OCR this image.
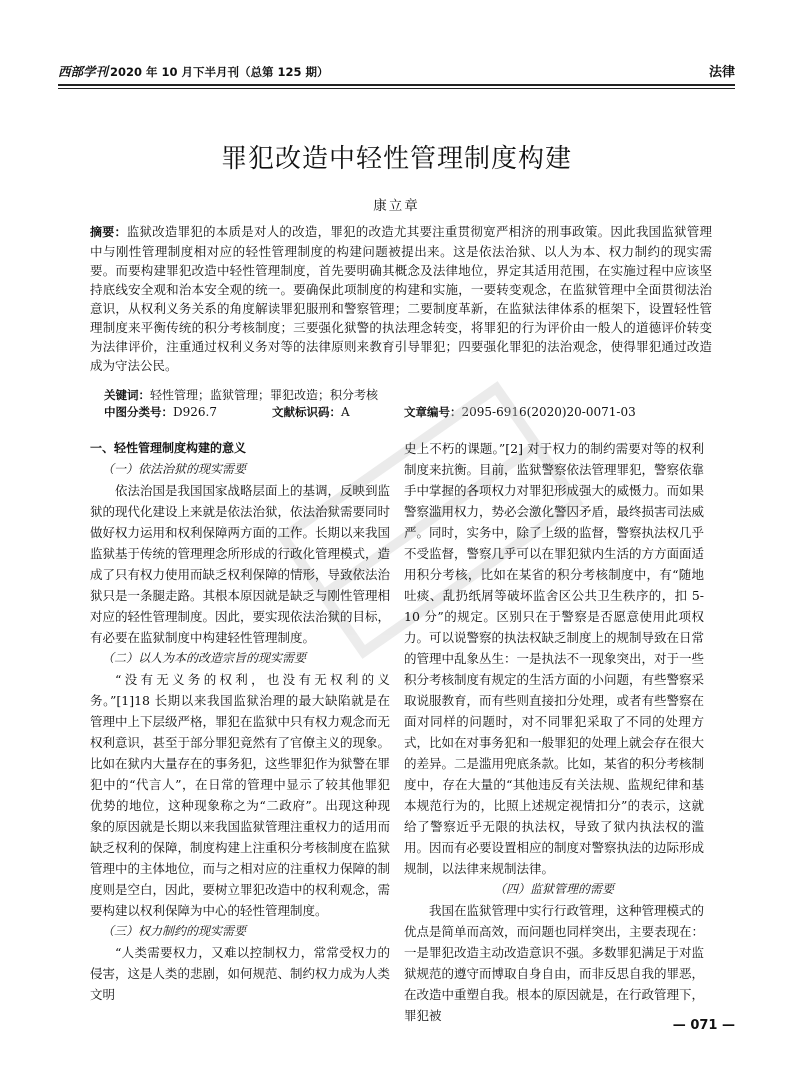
西部学刊 2020 年 10 月下半月刊（总第 125 期）	法律
罪犯改造中轻性管理制度构建
康立章
摘要：监狱改造罪犯的本质是对人的改造，罪犯的改造尤其要注重贯彻宽严相济的刑事政策。因此我国监狱管理中与刚性管理制度相对应的轻性管理制度的构建问题被提出来。这是依法治狱、以人为本、权力制约的现实需要。而要构建罪犯改造中轻性管理制度，首先要明确其概念及法律地位，界定其适用范围，在实施过程中应该坚持底线安全观和治本安全观的统一。要确保此项制度的构建和实施，一要转变观念，在监狱管理中全面贯彻法治意识，从权利义务关系的角度解读罪犯服刑和警察管理；二要制度革新，在监狱法律体系的框架下，设置轻性管理制度来平衡传统的积分考核制度；三要强化狱警的执法理念转变，将罪犯的行为评价由一般人的道德评价转变为法律评价，注重通过权利义务对等的法律原则来教育引导罪犯；四要强化罪犯的法治观念，使得罪犯通过改造成为守法公民。
关键词：轻性管理；监狱管理；罪犯改造；积分考核
中图分类号：D926.7	文献标识码：A	文章编号：2095-6916(2020)20-0071-03

一、轻性管理制度构建的意义

（一）依法治狱的现实需要

依法治国是我国国家战略层面上的基调，反映到监狱的现代化建设上来就是依法治狱，依法治狱需要同时做好权力运用和权利保障两方面的工作。长期以来我国监狱基于传统的管理理念所形成的行政化管理模式，造成了只有权力使用而缺乏权利保障的情形，导致依法治狱只是一条腿走路。其根本原因就是缺乏与刚性管理相对应的轻性管理制度。因此，要实现依法治狱的目标，有必要在监狱制度中构建轻性管理制度。

（二）以人为本的改造宗旨的现实需要

“没有无义务的权利，也没有无权利的义务。”[1]18 长期以来我国监狱治理的最大缺陷就是在管理中上下层级严格，罪犯在监狱中只有权力观念而无权利意识，甚至于部分罪犯竟然有了官僚主义的现象。比如在狱内大量存在的事务犯，这些罪犯作为狱警在罪犯中的“代言人”，在日常的管理中显示了较其他罪犯优势的地位，这种现象称之为“二政府”。出现这种现象的原因就是长期以来我国监狱管理注重权力的适用而缺乏权利的保障，制度构建上注重积分考核制度在监狱管理中的主体地位，而与之相对应的注重权力保障的制度则是空白，因此，要树立罪犯改造中的权利观念，需要构建以权利保障为中心的轻性管理制度。

（三）权力制约的现实需要

“人类需要权力，又难以控制权力，常常受权力的侵害，这是人类的悲剧，如何规范、制约权力成为人类文明

史上不朽的课题。”[2] 对于权力的制约需要对等的权利制度来抗衡。目前，监狱警察依法管理罪犯，警察依靠手中掌握的各项权力对罪犯形成强大的威慑力。而如果警察滥用权力，势必会激化警囚矛盾，最终损害司法威严。同时，实务中，除了上级的监督，警察执法权几乎不受监督，警察几乎可以在罪犯狱内生活的方方面面适用积分考核，比如在某省的积分考核制度中，有“随地吐痰、乱扔纸屑等破坏监舍区公共卫生秩序的，扣 5-10 分”的规定。区别只在于警察是否愿意使用此项权力。可以说警察的执法权缺乏制度上的规制导致在日常的管理中乱象丛生：一是执法不一现象突出，对于一些积分考核制度有规定的生活方面的小问题，有些警察采取说服教育，而有些则直接扣分处理，或者有些警察在面对同样的问题时，对不同罪犯采取了不同的处理方式，比如在对事务犯和一般罪犯的处理上就会存在很大的差异。二是滥用兜底条款。比如，某省的积分考核制度中，存在大量的“其他违反有关法规、监规纪律和基本规范行为的，比照上述规定视情扣分”的表示，这就给了警察近乎无限的执法权，导致了狱内执法权的滥用。因而有必要设置相应的制度对警察执法的边际形成规制，以法律来规制法律。

（四）监狱管理的需要

我国在监狱管理中实行行政管理，这种管理模式的优点是简单而高效，而问题也同样突出，主要表现在：一是罪犯改造主动改造意识不强。多数罪犯满足于对监狱规范的遵守而博取自身自由，而非反思自我的罪恶，在改造中重塑自我。根本的原因就是，在行政管理下，罪犯被

— 071 —
